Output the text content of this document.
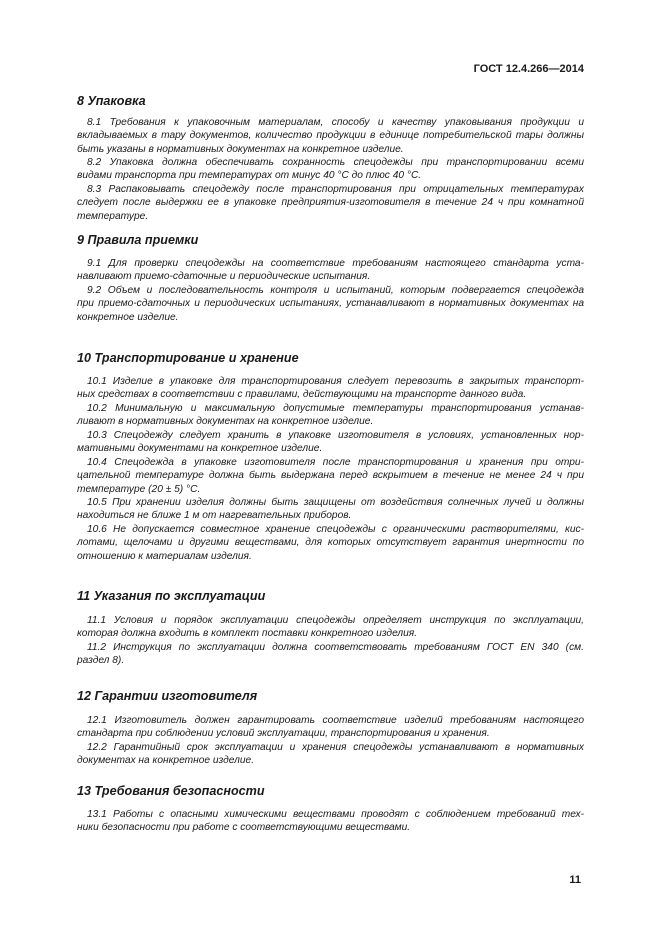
ГОСТ 12.4.266—2014
8 Упаковка
8.1 Требования к упаковочным материалам, способу и качеству упаковывания продукции и
вкладываемых в тару документов, количество продукции в единице потребительской тары должны
быть указаны в нормативных документах на конкретное изделие.
8.2 Упаковка должна обеспечивать сохранность спецодежды при транспортировании всеми
видами транспорта при температурах от минус 40 °С до плюс 40 °С.
8.3 Распаковывать спецодежду после транспортирования при отрицательных температурах
следует после выдержки ее в упаковке предприятия-изготовителя в течение 24 ч при комнатной
температуре.
9 Правила приемки
9.1 Для проверки спецодежды на соответствие требованиям настоящего стандарта уста-
навливают приемо-сдаточные и периодические испытания.
9.2 Объем и последовательность контроля и испытаний, которым подвергается спецодежда
при приемо-сдаточных и периодических испытаниях, устанавливают в нормативных документах на
конкретное изделие.
10 Транспортирование и хранение
10.1 Изделие в упаковке для транспортирования следует перевозить в закрытых транспорт-
ных средствах в соответствии с правилами, действующими на транспорте данного вида.
10.2 Минимальную и максимальную допустимые температуры транспортирования устанав-
ливают в нормативных документах на конкретное изделие.
10.3 Спецодежду следует хранить в упаковке изготовителя в условиях, установленных нор-
мативными документами на конкретное изделие.
10.4 Спецодежда в упаковке изготовителя после транспортирования и хранения при отри-
цательной температуре должна быть выдержана перед вскрытием в течение не менее 24 ч при
температуре (20 ± 5) °С.
10.5 При хранении изделия должны быть защищены от воздействия солнечных лучей и должны
находиться не ближе 1 м от нагревательных приборов.
10.6 Не допускается совместное хранение спецодежды с органическими растворителями, кис-
лотами, щелочами и другими веществами, для которых отсутствует гарантия инертности по
отношению к материалам изделия.
11 Указания по эксплуатации
11.1 Условия и порядок эксплуатации спецодежды определяет инструкция по эксплуатации,
которая должна входить в комплект поставки конкретного изделия.
11.2 Инструкция по эксплуатации должна соответствовать требованиям ГОСТ EN 340 (см.
раздел 8).
12 Гарантии изготовителя
12.1 Изготовитель должен гарантировать соответствие изделий требованиям настоящего
стандарта при соблюдении условий эксплуатации, транспортирования и хранения.
12.2 Гарантийный срок эксплуатации и хранения спецодежды устанавливают в нормативных
документах на конкретное изделие.
13 Требования безопасности
13.1 Работы с опасными химическими веществами проводят с соблюдением требований тех-
ники безопасности при работе с соответствующими веществами.
11
